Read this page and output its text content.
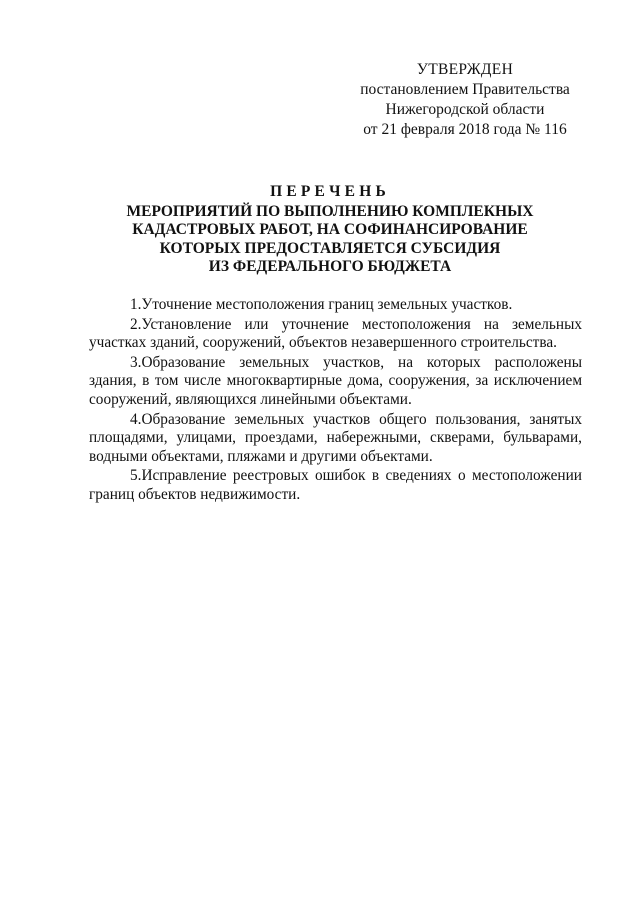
УТВЕРЖДЕН
постановлением Правительства
Нижегородской области
от 21 февраля 2018 года № 116
ПЕРЕЧЕНЬ
МЕРОПРИЯТИЙ ПО ВЫПОЛНЕНИЮ КОМПЛЕКНЫХ
КАДАСТРОВЫХ РАБОТ, НА СОФИНАНСИРОВАНИЕ
КОТОРЫХ ПРЕДОСТАВЛЯЕТСЯ СУБСИДИЯ
ИЗ ФЕДЕРАЛЬНОГО БЮДЖЕТА

1.Уточнение местоположения границ земельных участков.

2.Установление или уточнение местоположения на земельных участках зданий, сооружений, объектов незавершенного строительства.

3.Образование земельных участков, на которых расположены здания, в том числе многоквартирные дома, сооружения, за исключением сооружений, являющихся линейными объектами.

4.Образование земельных участков общего пользования, занятых площадями, улицами, проездами, набережными, скверами, бульварами, водными объектами, пляжами и другими объектами.

5.Исправление реестровых ошибок в сведениях о местоположении границ объектов недвижимости.
